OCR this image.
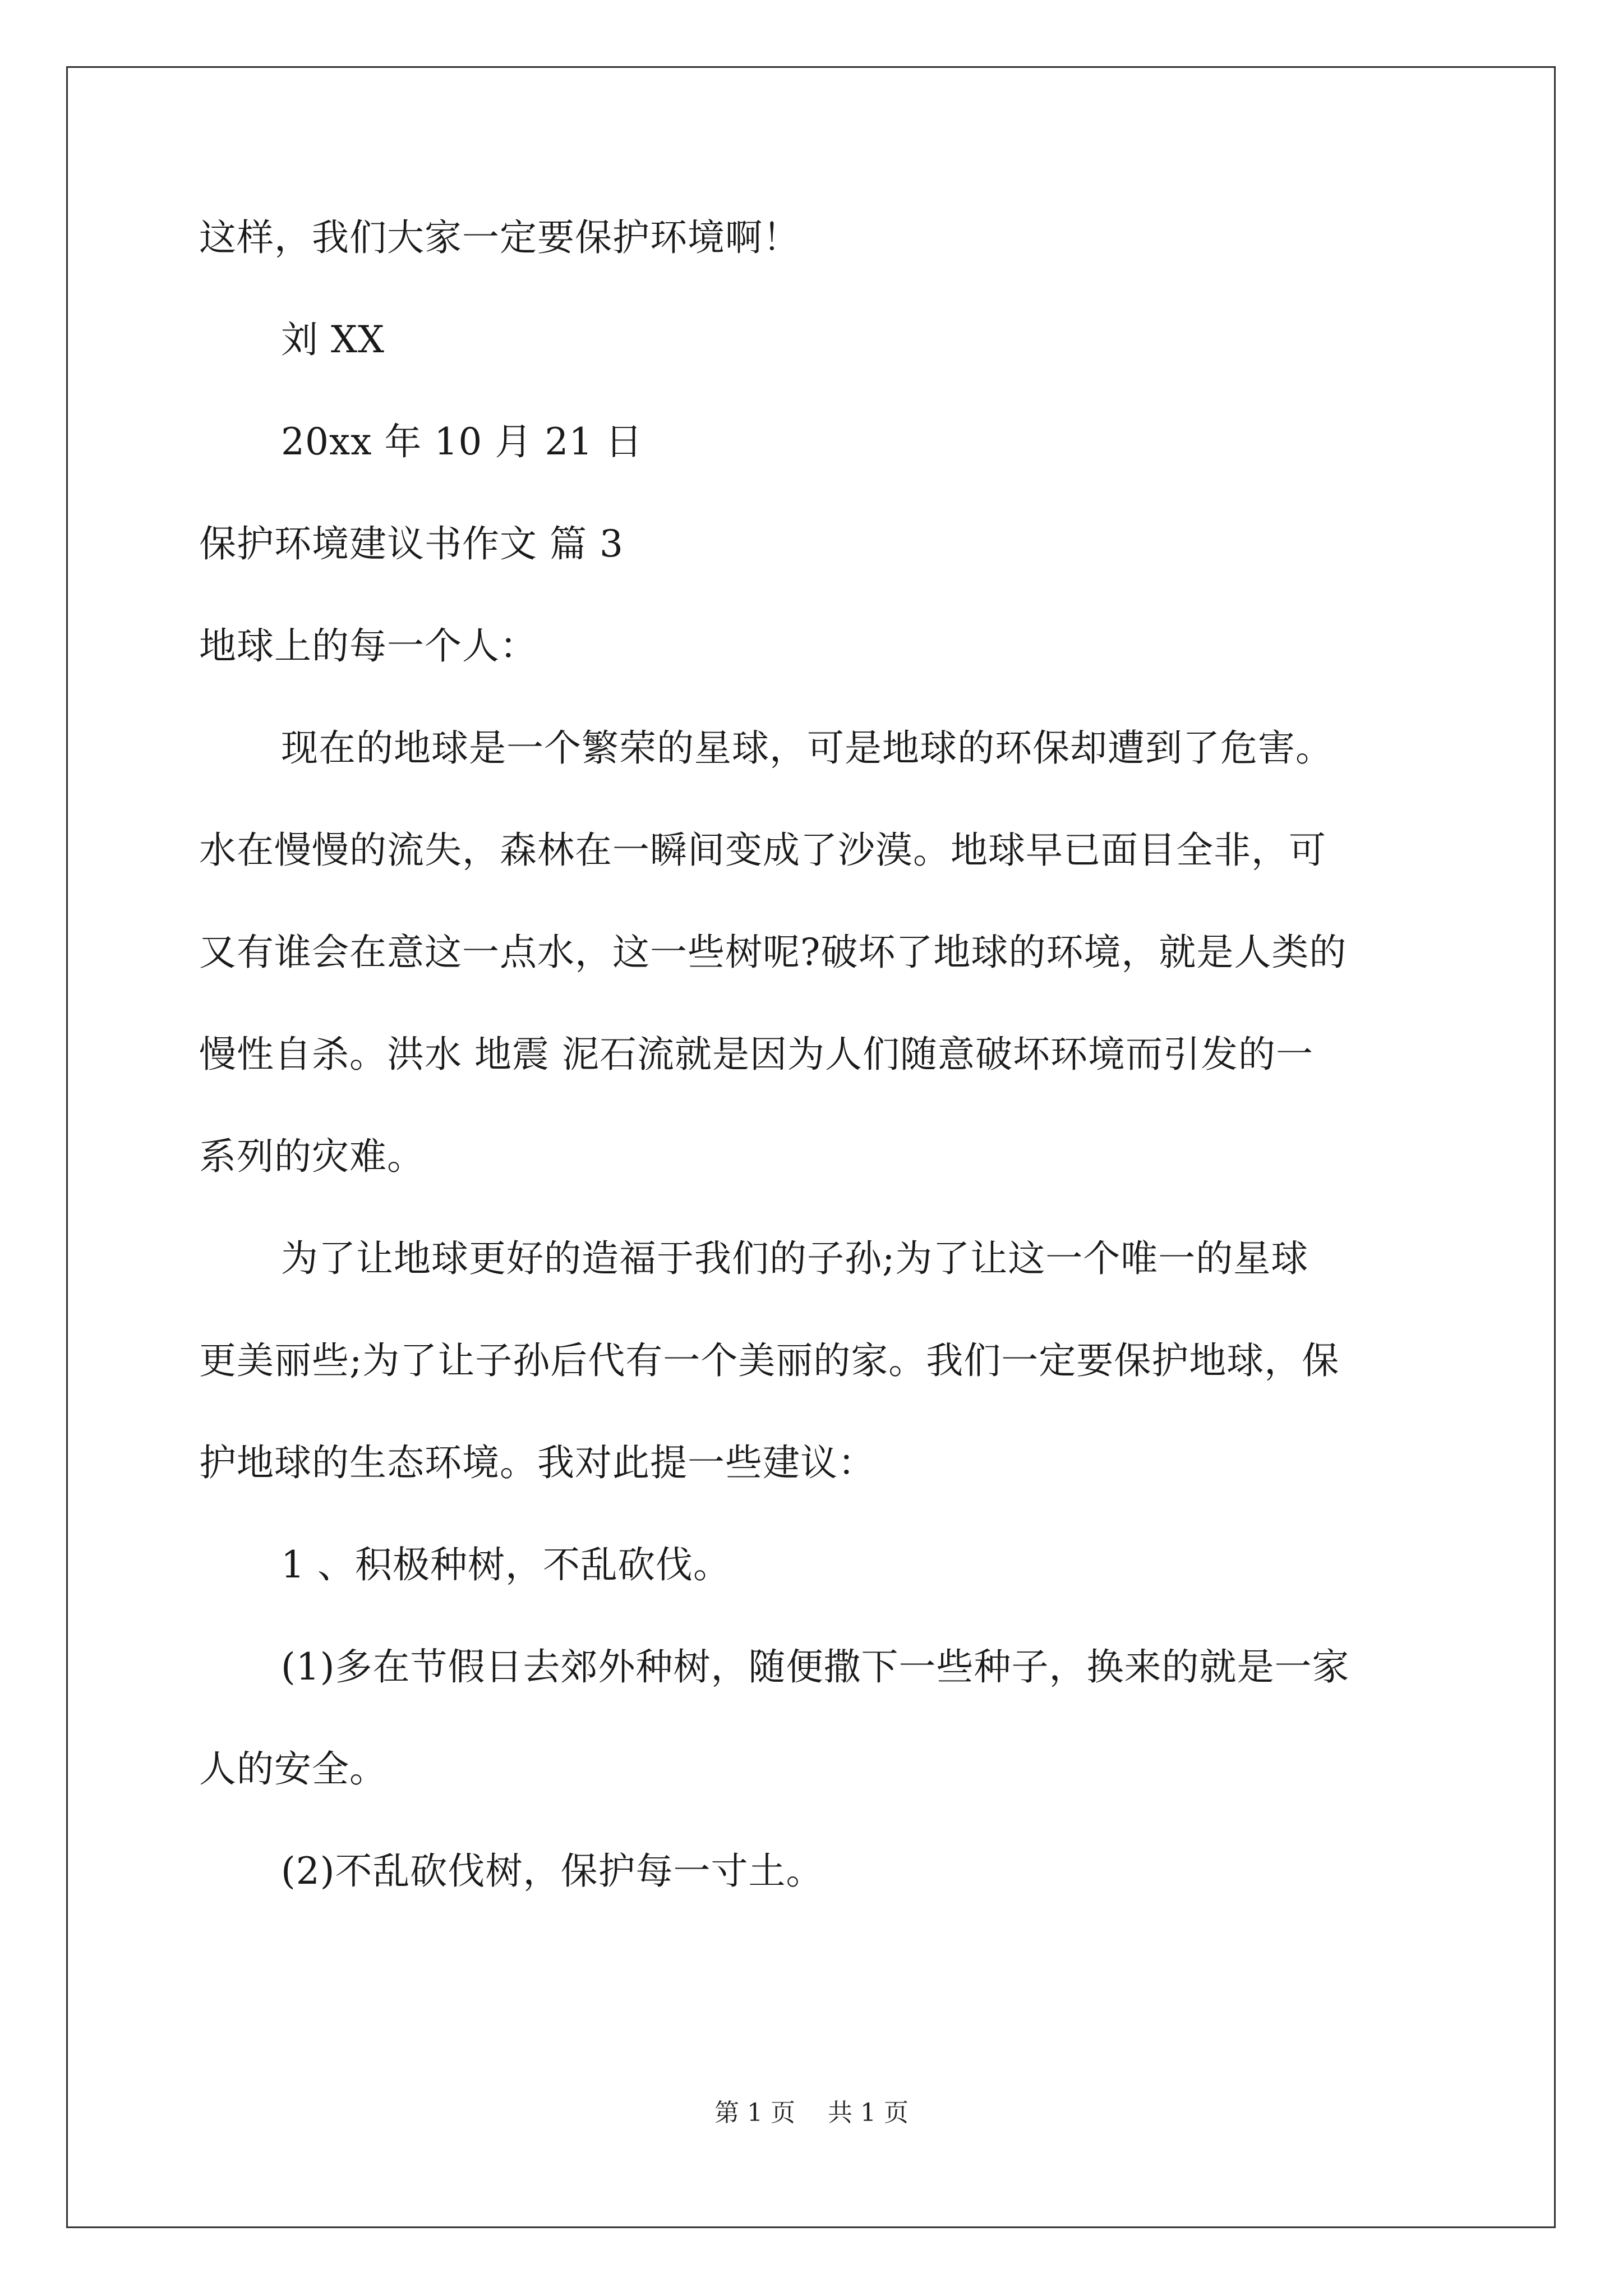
这样，我们大家一定要保护环境啊！
刘 XX
20xx 年 10 月 21 日
保护环境建议书作文 篇 3
地球上的每一个人：
现在的地球是一个繁荣的星球，可是地球的环保却遭到了危害。
水在慢慢的流失，森林在一瞬间变成了沙漠。地球早已面目全非，可
又有谁会在意这一点水，这一些树呢?破坏了地球的环境，就是人类的
慢性自杀。洪水 地震 泥石流就是因为人们随意破坏环境而引发的一
系列的灾难。
为了让地球更好的造福于我们的子孙;为了让这一个唯一的星球
更美丽些;为了让子孙后代有一个美丽的家。我们一定要保护地球，保
护地球的生态环境。我对此提一些建议：
1 、积极种树，不乱砍伐。
(1)多在节假日去郊外种树，随便撒下一些种子，换来的就是一家
人的安全。
(2)不乱砍伐树，保护每一寸土。
第 1 页 共 1 页
